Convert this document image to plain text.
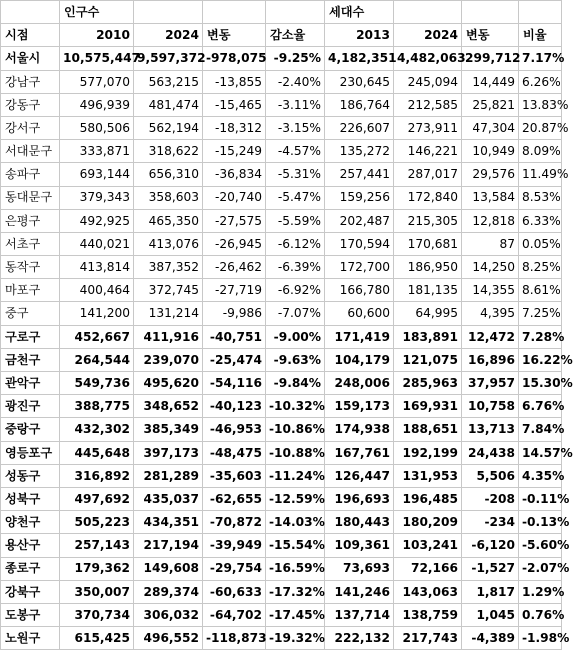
	인구수				세대수			
시점	2010	2024	변동	감소율	2013	2024	변동	비율
서울시	10,575,447	9,597,372	-978,075	-9.25%	4,182,351	4,482,063	299,712	7.17%
강남구	577,070	563,215	-13,855	-2.40%	230,645	245,094	14,449	6.26%
강동구	496,939	481,474	-15,465	-3.11%	186,764	212,585	25,821	13.83%
강서구	580,506	562,194	-18,312	-3.15%	226,607	273,911	47,304	20.87%
서대문구	333,871	318,622	-15,249	-4.57%	135,272	146,221	10,949	8.09%
송파구	693,144	656,310	-36,834	-5.31%	257,441	287,017	29,576	11.49%
동대문구	379,343	358,603	-20,740	-5.47%	159,256	172,840	13,584	8.53%
은평구	492,925	465,350	-27,575	-5.59%	202,487	215,305	12,818	6.33%
서초구	440,021	413,076	-26,945	-6.12%	170,594	170,681	87	0.05%
동작구	413,814	387,352	-26,462	-6.39%	172,700	186,950	14,250	8.25%
마포구	400,464	372,745	-27,719	-6.92%	166,780	181,135	14,355	8.61%
중구	141,200	131,214	-9,986	-7.07%	60,600	64,995	4,395	7.25%
구로구	452,667	411,916	-40,751	-9.00%	171,419	183,891	12,472	7.28%
금천구	264,544	239,070	-25,474	-9.63%	104,179	121,075	16,896	16.22%
관악구	549,736	495,620	-54,116	-9.84%	248,006	285,963	37,957	15.30%
광진구	388,775	348,652	-40,123	-10.32%	159,173	169,931	10,758	6.76%
중랑구	432,302	385,349	-46,953	-10.86%	174,938	188,651	13,713	7.84%
영등포구	445,648	397,173	-48,475	-10.88%	167,761	192,199	24,438	14.57%
성동구	316,892	281,289	-35,603	-11.24%	126,447	131,953	5,506	4.35%
성북구	497,692	435,037	-62,655	-12.59%	196,693	196,485	-208	-0.11%
양천구	505,223	434,351	-70,872	-14.03%	180,443	180,209	-234	-0.13%
용산구	257,143	217,194	-39,949	-15.54%	109,361	103,241	-6,120	-5.60%
종로구	179,362	149,608	-29,754	-16.59%	73,693	72,166	-1,527	-2.07%
강북구	350,007	289,374	-60,633	-17.32%	141,246	143,063	1,817	1.29%
도봉구	370,734	306,032	-64,702	-17.45%	137,714	138,759	1,045	0.76%
노원구	615,425	496,552	-118,873	-19.32%	222,132	217,743	-4,389	-1.98%
